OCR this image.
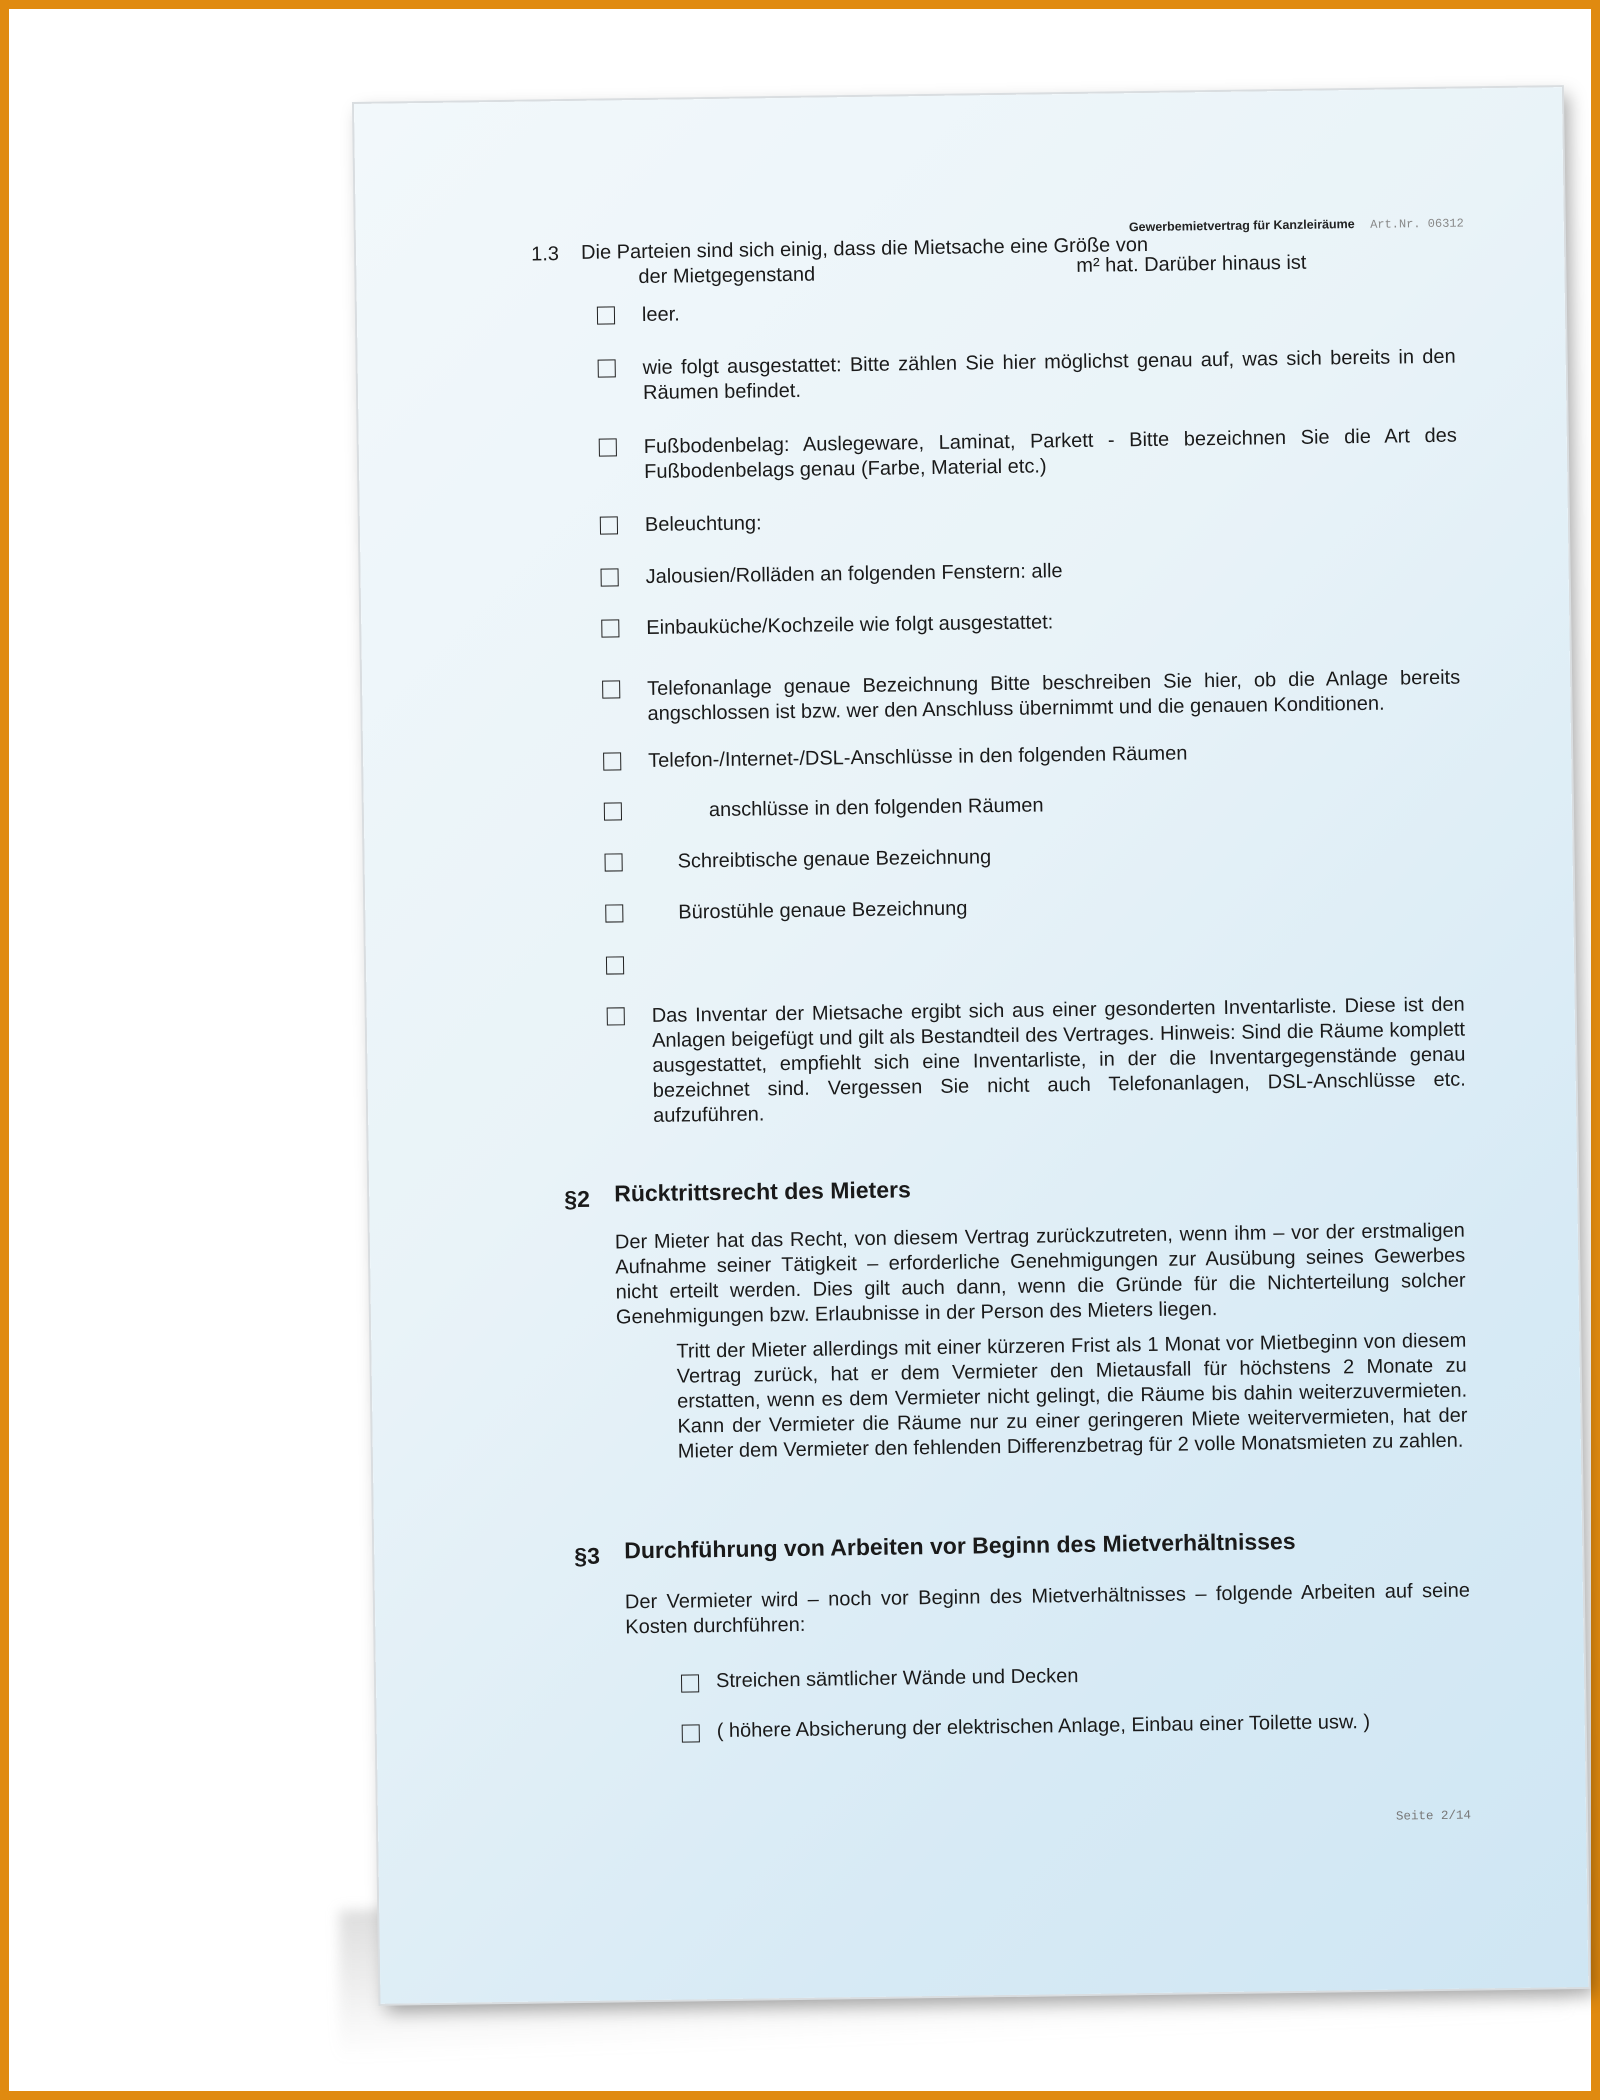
Gewerbemietvertrag für Kanzleiräume Art.Nr. 06312
1.3 Die Parteien sind sich einig, dass die Mietsache eine Größe von
m² hat. Darüber hinaus ist
der Mietgegenstand
leer.
wie folgt ausgestattet: Bitte zählen Sie hier möglichst genau auf, was sich bereits in den Räumen befindet.
Fußbodenbelag: Auslegeware, Laminat, Parkett - Bitte bezeichnen Sie die Art des Fußbodenbelags genau (Farbe, Material etc.)
Beleuchtung:
Jalousien/Rolläden an folgenden Fenstern: alle
Einbauküche/Kochzeile wie folgt ausgestattet:
Telefonanlage genaue Bezeichnung Bitte beschreiben Sie hier, ob die Anlage bereits angschlossen ist bzw. wer den Anschluss übernimmt und die genauen Konditionen.
Telefon-/Internet-/DSL-Anschlüsse in den folgenden Räumen
anschlüsse in den folgenden Räumen
Schreibtische genaue Bezeichnung
Bürostühle genaue Bezeichnung
Das Inventar der Mietsache ergibt sich aus einer gesonderten Inventarliste. Diese ist den Anlagen beigefügt und gilt als Bestandteil des Vertrages. Hinweis: Sind die Räume komplett ausgestattet, empfiehlt sich eine Inventarliste, in der die Inventargegenstände genau bezeichnet sind. Vergessen Sie nicht auch Telefonanlagen, DSL-Anschlüsse etc. aufzuführen.
§2 Rücktrittsrecht des Mieters
Der Mieter hat das Recht, von diesem Vertrag zurückzutreten, wenn ihm – vor der erstmaligen Aufnahme seiner Tätigkeit – erforderliche Genehmigungen zur Ausübung seines Gewerbes nicht erteilt werden. Dies gilt auch dann, wenn die Gründe für die Nichterteilung solcher Genehmigungen bzw. Erlaubnisse in der Person des Mieters liegen.
Tritt der Mieter allerdings mit einer kürzeren Frist als 1 Monat vor Mietbeginn von diesem Vertrag zurück, hat er dem Vermieter den Mietausfall für höchstens 2 Monate zu erstatten, wenn es dem Vermieter nicht gelingt, die Räume bis dahin weiterzuvermieten. Kann der Vermieter die Räume nur zu einer geringeren Miete weitervermieten, hat der Mieter dem Vermieter den fehlenden Differenzbetrag für 2 volle Monatsmieten zu zahlen.
§3 Durchführung von Arbeiten vor Beginn des Mietverhältnisses
Der Vermieter wird – noch vor Beginn des Mietverhältnisses – folgende Arbeiten auf seine Kosten durchführen:
Streichen sämtlicher Wände und Decken
( höhere Absicherung der elektrischen Anlage, Einbau einer Toilette usw. )
Seite 2/14
